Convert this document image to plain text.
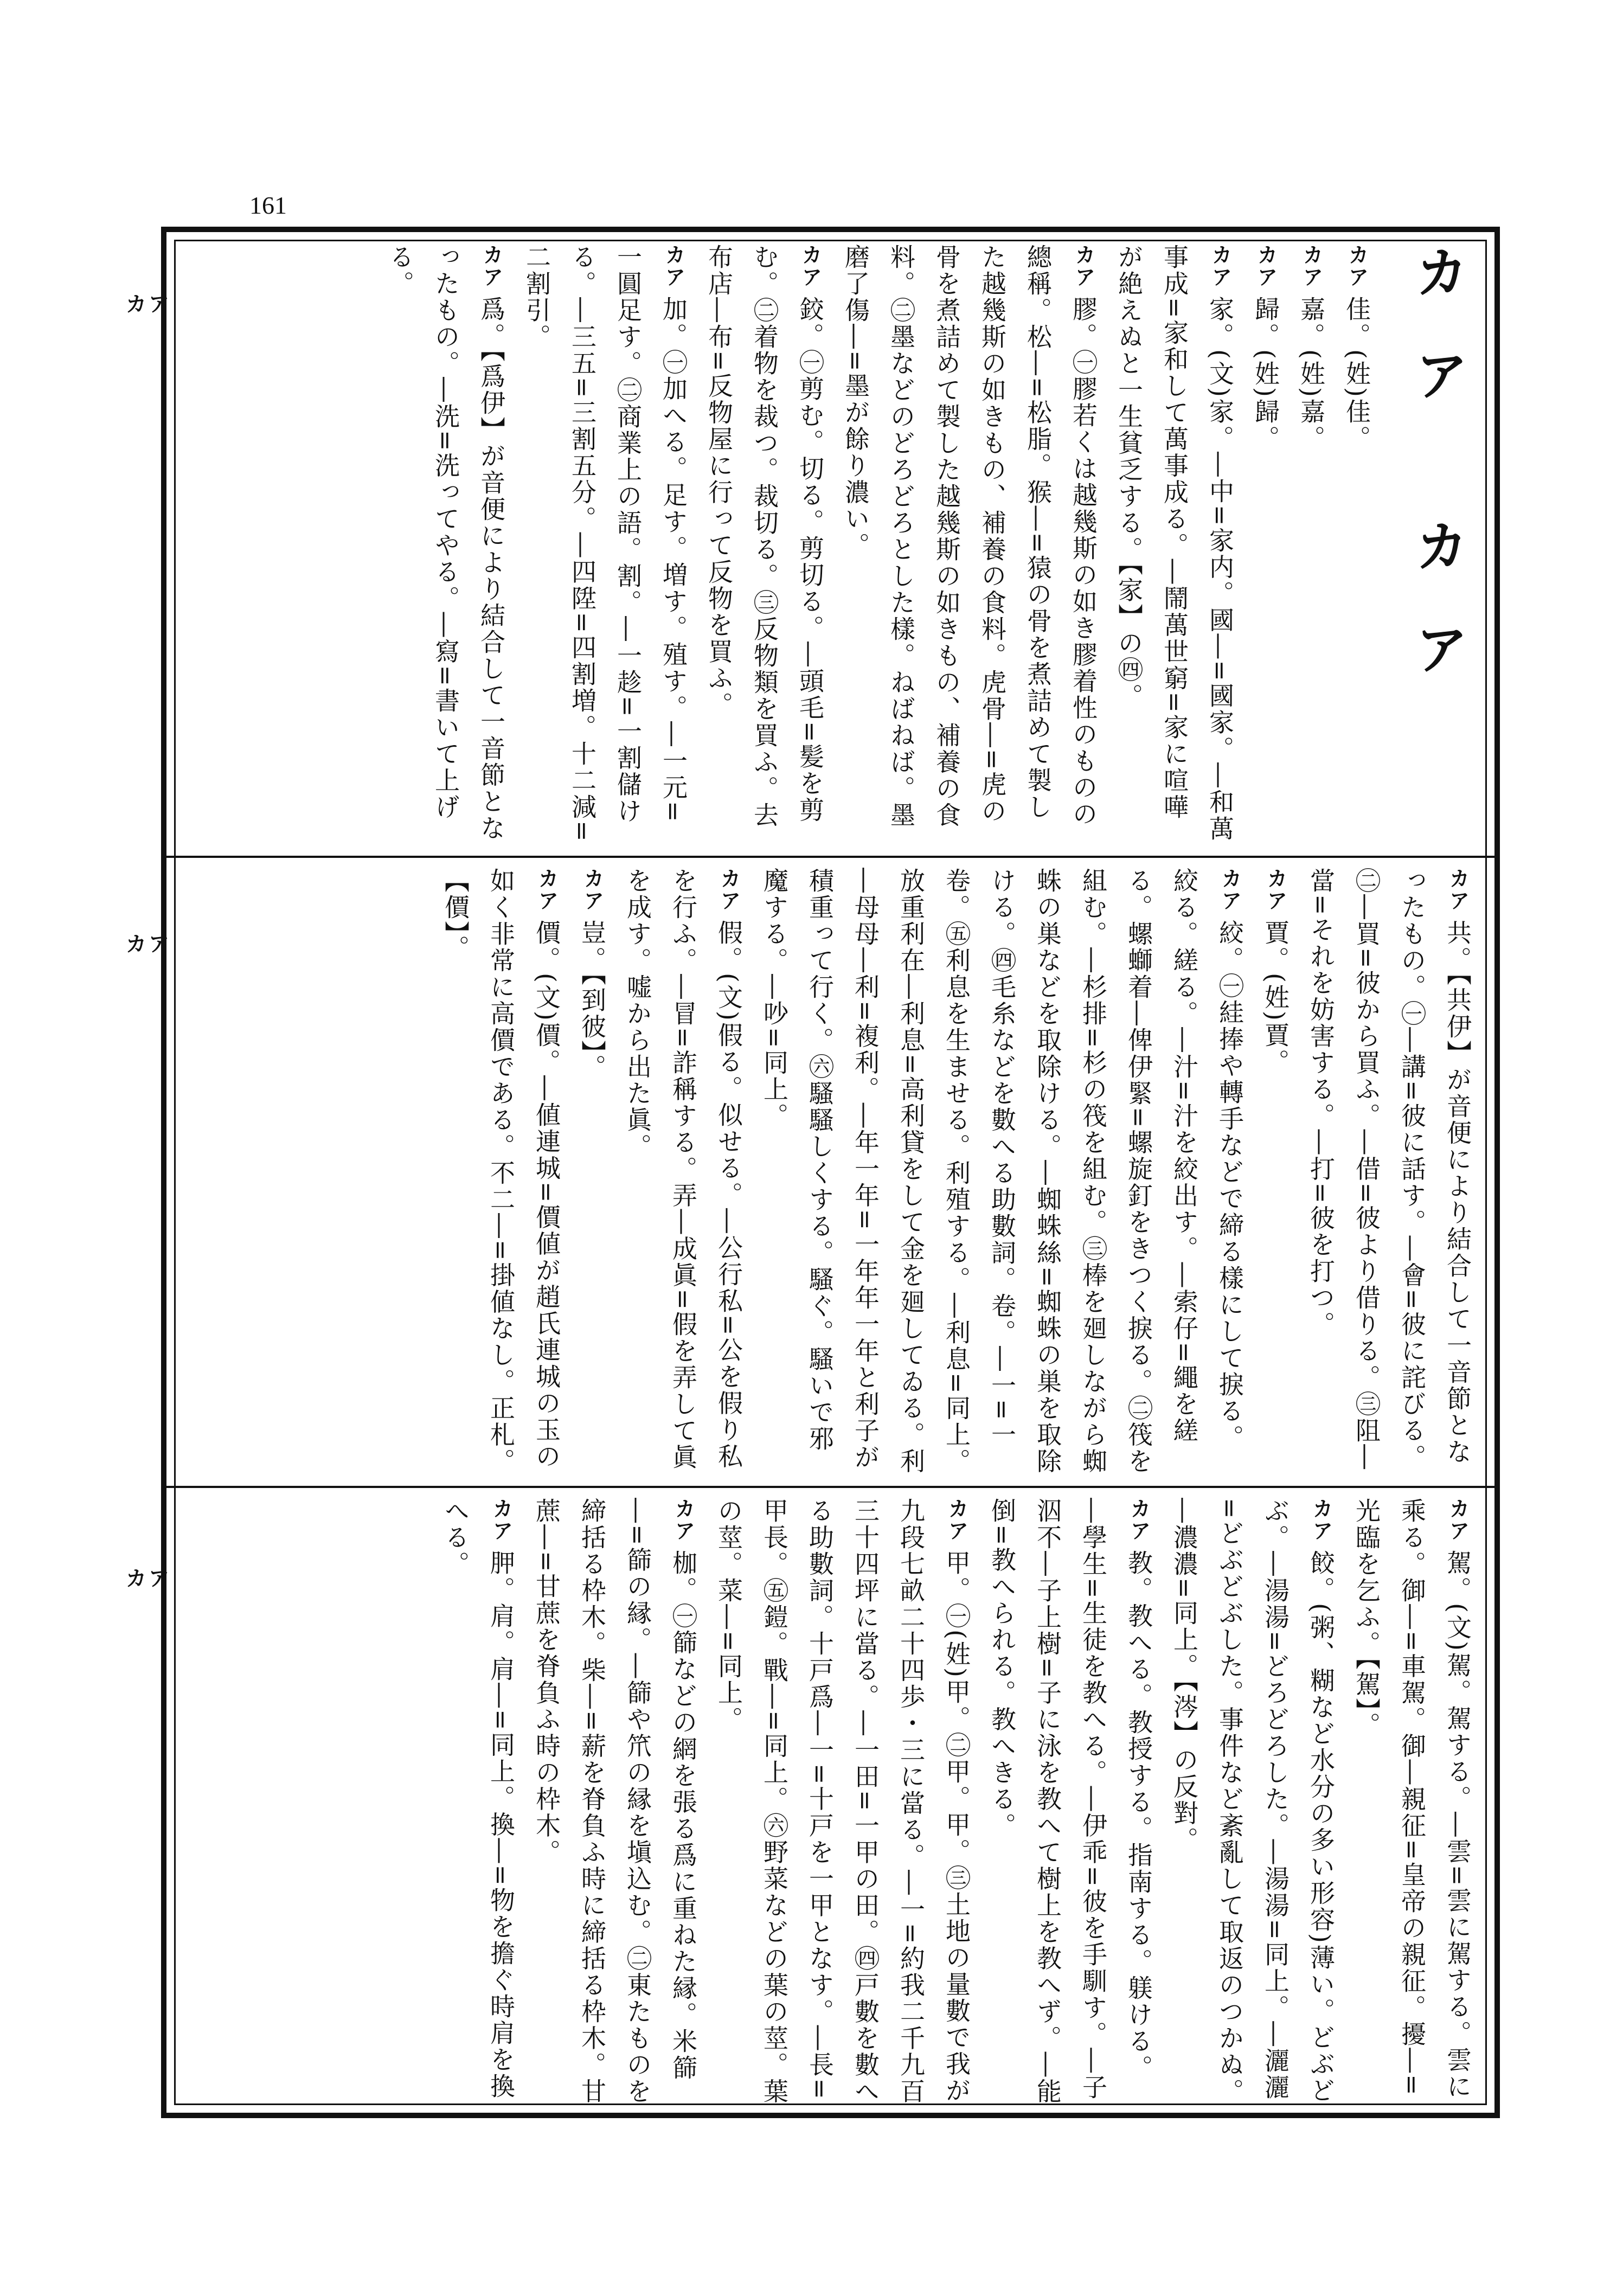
161
カア
カア
カア
カア カア
カア佳。(姓)佳。
カア嘉。(姓)嘉。
カア歸。(姓)歸。
カア家。(文)家。―中=家内。國―=國家。―和萬事成=家和して萬事成る。―鬧萬世窮=家に喧嘩が絶えぬと一生貧乏する。【家】の㊃。
カア膠。㊀膠若くは越幾斯の如き膠着性のものの總稱。松―=松脂。猴―=猿の骨を煮詰めて製した越幾斯の如きもの、補養の食料。虎骨―=虎の骨を煮詰めて製した越幾斯の如きもの、補養の食料。㊁墨などのどろどろとした樣。ねばねば。墨磨了傷―=墨が餘り濃い。
カア鉸。㊀剪む。切る。剪切る。―頭毛=髪を剪む。㊁着物を裁つ。裁切る。㊂反物類を買ふ。去布店―布=反物屋に行って反物を買ふ。
カア加。㊀加へる。足す。増す。殖す。―一元=一圓足す。㊁商業上の語。割。―一趁=一割儲ける。―三五=三割五分。―四陞=四割増。十二減=二割引。
カア爲。【爲伊】が音便により結合して一音節となったもの。―洗=洗ってやる。―寫=書いて上げる。
カア共。【共伊】が音便により結合して一音節となったもの。㊀―講=彼に話す。―會=彼に詫びる。㊁―買=彼から買ふ。―借=彼より借りる。㊂阻―當=それを妨害する。―打=彼を打つ。
カア賈。(姓)賈。
カア絞。㊀絓捧や轉手などで締る樣にして捩る。絞る。縒る。―汁=汁を絞出す。―索仔=繩を縒る。螺螄着―俾伊緊=螺旋釘をきつく捩る。㊁筏を組む。―杉排=杉の筏を組む。㊂棒を廻しながら蜘蛛の巣などを取除ける。―蜘蛛絲=蜘蛛の巣を取除ける。㊃毛糸などを數へる助數詞。卷。―一=一卷。㊄利息を生ませる。利殖する。―利息=同上。放重利在―利息=高利貸をして金を廻してゐる。利―母母―利=複利。―年一年=一年年一年と利子が積重って行く。㊅騷騷しくする。騷ぐ。騷いで邪魔する。―吵=同上。
カア假。(文)假る。似せる。―公行私=公を假り私を行ふ。―冒=詐稱する。弄―成眞=假を弄して眞を成す。嘘から出た眞。
カア豈。【到彼】。
カア價。(文)價。―値連城=價値が趙氏連城の玉の如く非常に高價である。不二―=掛値なし。正札。【價】。
カア駕。(文)駕。駕する。―雲=雲に駕する。雲に乘る。御―=車駕。御―親征=皇帝の親征。擾―=光臨を乞ふ。【駕】。
カア餃。(粥、糊など水分の多い形容)薄い。どぶどぶ。―湯湯=どろどろした。―湯湯=同上。―灑灑=どぶどぶした。事件など紊亂して取返のつかぬ。―濃濃=同上。【涔】の反對。
カア教。教へる。教授する。指南する。躾ける。―學生=生徒を教へる。―伊乖=彼を手馴す。―子泅不―子上樹=子に泳を教へて樹上を教へず。―能倒=教へられる。教へきる。
カア甲。㊀(姓)甲。㊁甲。甲。㊂土地の量數で我が九段七畝二十四歩・三に當る。―一=約我二千九百三十四坪に當る。―一田=一甲の田。㊃戸數を數へる助數詞。十戸爲―一=十戸を一甲となす。―長=甲長。㊄鎧。戰―=同上。㊅野菜などの葉の莖。葉の莖。菜―=同上。
カア枷。㊀篩などの網を張る爲に重ねた縁。米篩―=篩の縁。―篩や笊の縁を塡込む。㊁東たものを締括る枠木。柴―=薪を脊負ふ時に締括る枠木。甘蔗―=甘蔗を脊負ふ時の枠木。
カア胛。肩。肩―=同上。換―=物を擔ぐ時肩を換へる。
